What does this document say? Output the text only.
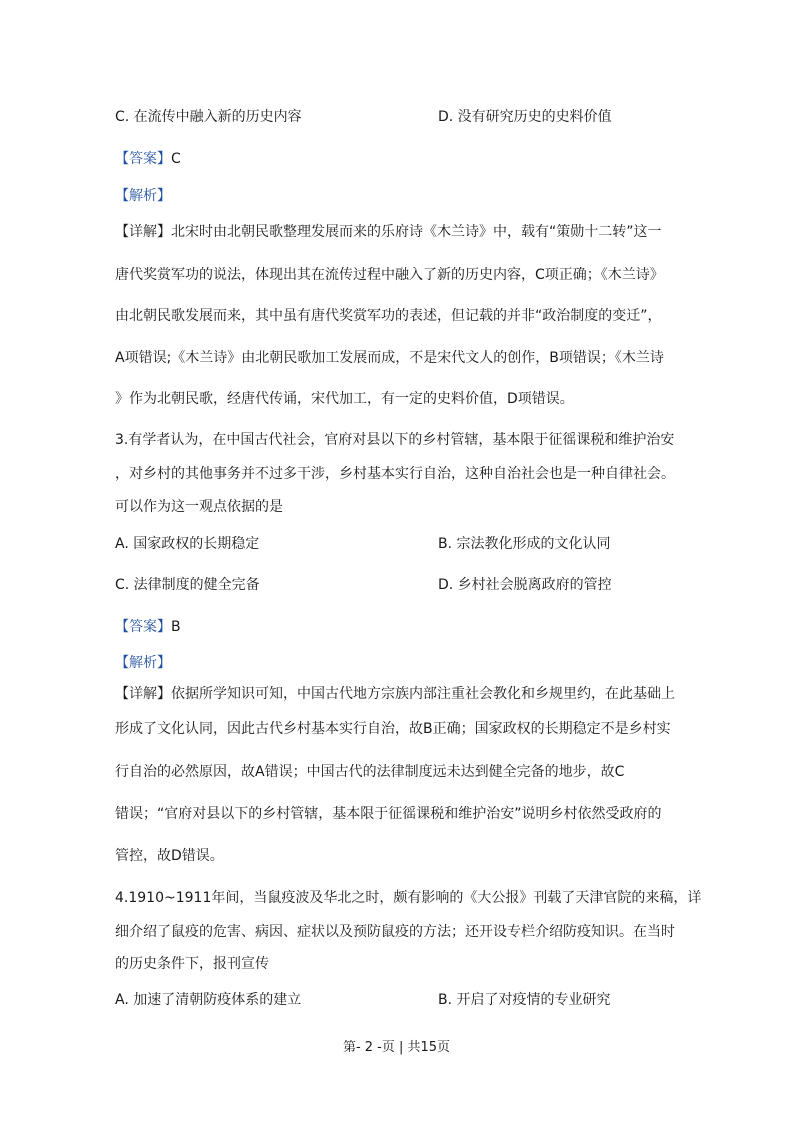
C. 在流传中融入新的历史内容	D. 没有研究历史的史料价值
【答案】C
【解析】
【详解】北宋时由北朝民歌整理发展而来的乐府诗《木兰诗》中，载有“策勋十二转”这一
唐代奖赏军功的说法，体现出其在流传过程中融入了新的历史内容，C项正确；《木兰诗》
由北朝民歌发展而来，其中虽有唐代奖赏军功的表述，但记载的并非“政治制度的变迁”，
A项错误;《木兰诗》由北朝民歌加工发展而成，不是宋代文人的创作，B项错误；《木兰诗
》作为北朝民歌，经唐代传诵，宋代加工，有一定的史料价值，D项错误。
3.有学者认为，在中国古代社会，官府对县以下的乡村管辖，基本限于征徭课税和维护治安
，对乡村的其他事务并不过多干涉，乡村基本实行自治，这种自治社会也是一种自律社会。
可以作为这一观点依据的是
A. 国家政权的长期稳定	B. 宗法教化形成的文化认同
C. 法律制度的健全完备	D. 乡村社会脱离政府的管控
【答案】B
【解析】
【详解】依据所学知识可知，中国古代地方宗族内部注重社会教化和乡规里约，在此基础上
形成了文化认同，因此古代乡村基本实行自治，故B正确；国家政权的长期稳定不是乡村实
行自治的必然原因，故A错误；中国古代的法律制度远未达到健全完备的地步，故C
错误；“官府对县以下的乡村管辖，基本限于征徭课税和维护治安”说明乡村依然受政府的
管控，故D错误。
4.1910~1911年间，当鼠疫波及华北之时，颇有影响的《大公报》刊载了天津官院的来稿，详
细介绍了鼠疫的危害、病因、症状以及预防鼠疫的方法；还开设专栏介绍防疫知识。在当时
的历史条件下，报刊宣传
A. 加速了清朝防疫体系的建立	B. 开启了对疫情的专业研究
第- 2 -页 | 共15页
